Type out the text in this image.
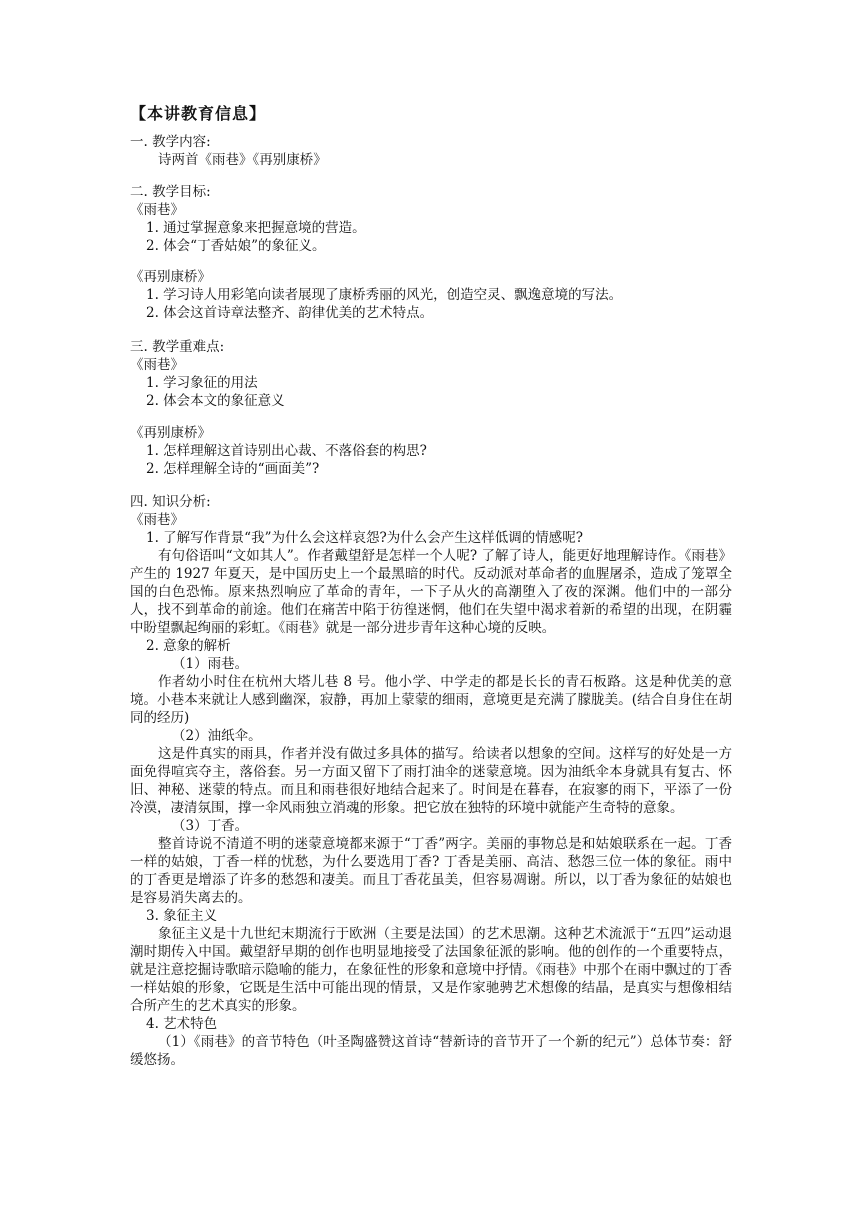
【本讲教育信息】
一. 教学内容:
诗两首《雨巷》《再别康桥》
二. 教学目标:
《雨巷》
1. 通过掌握意象来把握意境的营造。
2. 体会“丁香姑娘”的象征义。
《再别康桥》
1. 学习诗人用彩笔向读者展现了康桥秀丽的风光，创造空灵、飘逸意境的写法。
2. 体会这首诗章法整齐、韵律优美的艺术特点。
三. 教学重难点:
《雨巷》
1. 学习象征的用法
2. 体会本文的象征意义
《再别康桥》
1. 怎样理解这首诗别出心裁、不落俗套的构思?
2. 怎样理解全诗的“画面美”?
四. 知识分析:
《雨巷》
1. 了解写作背景“我”为什么会这样哀怨?为什么会产生这样低调的情感呢?

有句俗语叫“文如其人”。作者戴望舒是怎样一个人呢? 了解了诗人，能更好地理解诗作。《雨巷》产生的 1927 年夏天，是中国历史上一个最黑暗的时代。反动派对革命者的血腥屠杀，造成了笼罩全国的白色恐怖。原来热烈响应了革命的青年，一下子从火的高潮堕入了夜的深渊。他们中的一部分人，找不到革命的前途。他们在痛苦中陷于彷徨迷惘，他们在失望中渴求着新的希望的出现，在阴霾中盼望飘起绚丽的彩虹。《雨巷》就是一部分进步青年这种心境的反映。

2. 意象的解析
（1）雨巷。

作者幼小时住在杭州大塔儿巷 8 号。他小学、中学走的都是长长的青石板路。这是种优美的意境。小巷本来就让人感到幽深，寂静，再加上蒙蒙的细雨，意境更是充满了朦胧美。(结合自身住在胡同的经历)

（2）油纸伞。

这是件真实的雨具，作者并没有做过多具体的描写。给读者以想象的空间。这样写的好处是一方面免得喧宾夺主，落俗套。另一方面又留下了雨打油伞的迷蒙意境。因为油纸伞本身就具有复古、怀旧、神秘、迷蒙的特点。而且和雨巷很好地结合起来了。时间是在暮春，在寂寥的雨下，平添了一份冷漠，凄清氛围，撑一伞风雨独立消魂的形象。把它放在独特的环境中就能产生奇特的意象。

（3）丁香。

整首诗说不清道不明的迷蒙意境都来源于“丁香”两字。美丽的事物总是和姑娘联系在一起。丁香一样的姑娘，丁香一样的忧愁，为什么要选用丁香? 丁香是美丽、高洁、愁怨三位一体的象征。雨中的丁香更是增添了许多的愁怨和凄美。而且丁香花虽美，但容易凋谢。所以，以丁香为象征的姑娘也是容易消失离去的。

3. 象征主义

象征主义是十九世纪末期流行于欧洲（主要是法国）的艺术思潮。这种艺术流派于“五四”运动退潮时期传入中国。戴望舒早期的创作也明显地接受了法国象征派的影响。他的创作的一个重要特点，就是注意挖掘诗歌暗示隐喻的能力，在象征性的形象和意境中抒情。《雨巷》中那个在雨中飘过的丁香一样姑娘的形象，它既是生活中可能出现的情景，又是作家驰骋艺术想像的结晶，是真实与想像相结合所产生的艺术真实的形象。

4. 艺术特色

（1）《雨巷》的音节特色（叶圣陶盛赞这首诗“替新诗的音节开了一个新的纪元”）总体节奏：舒缓悠扬。
